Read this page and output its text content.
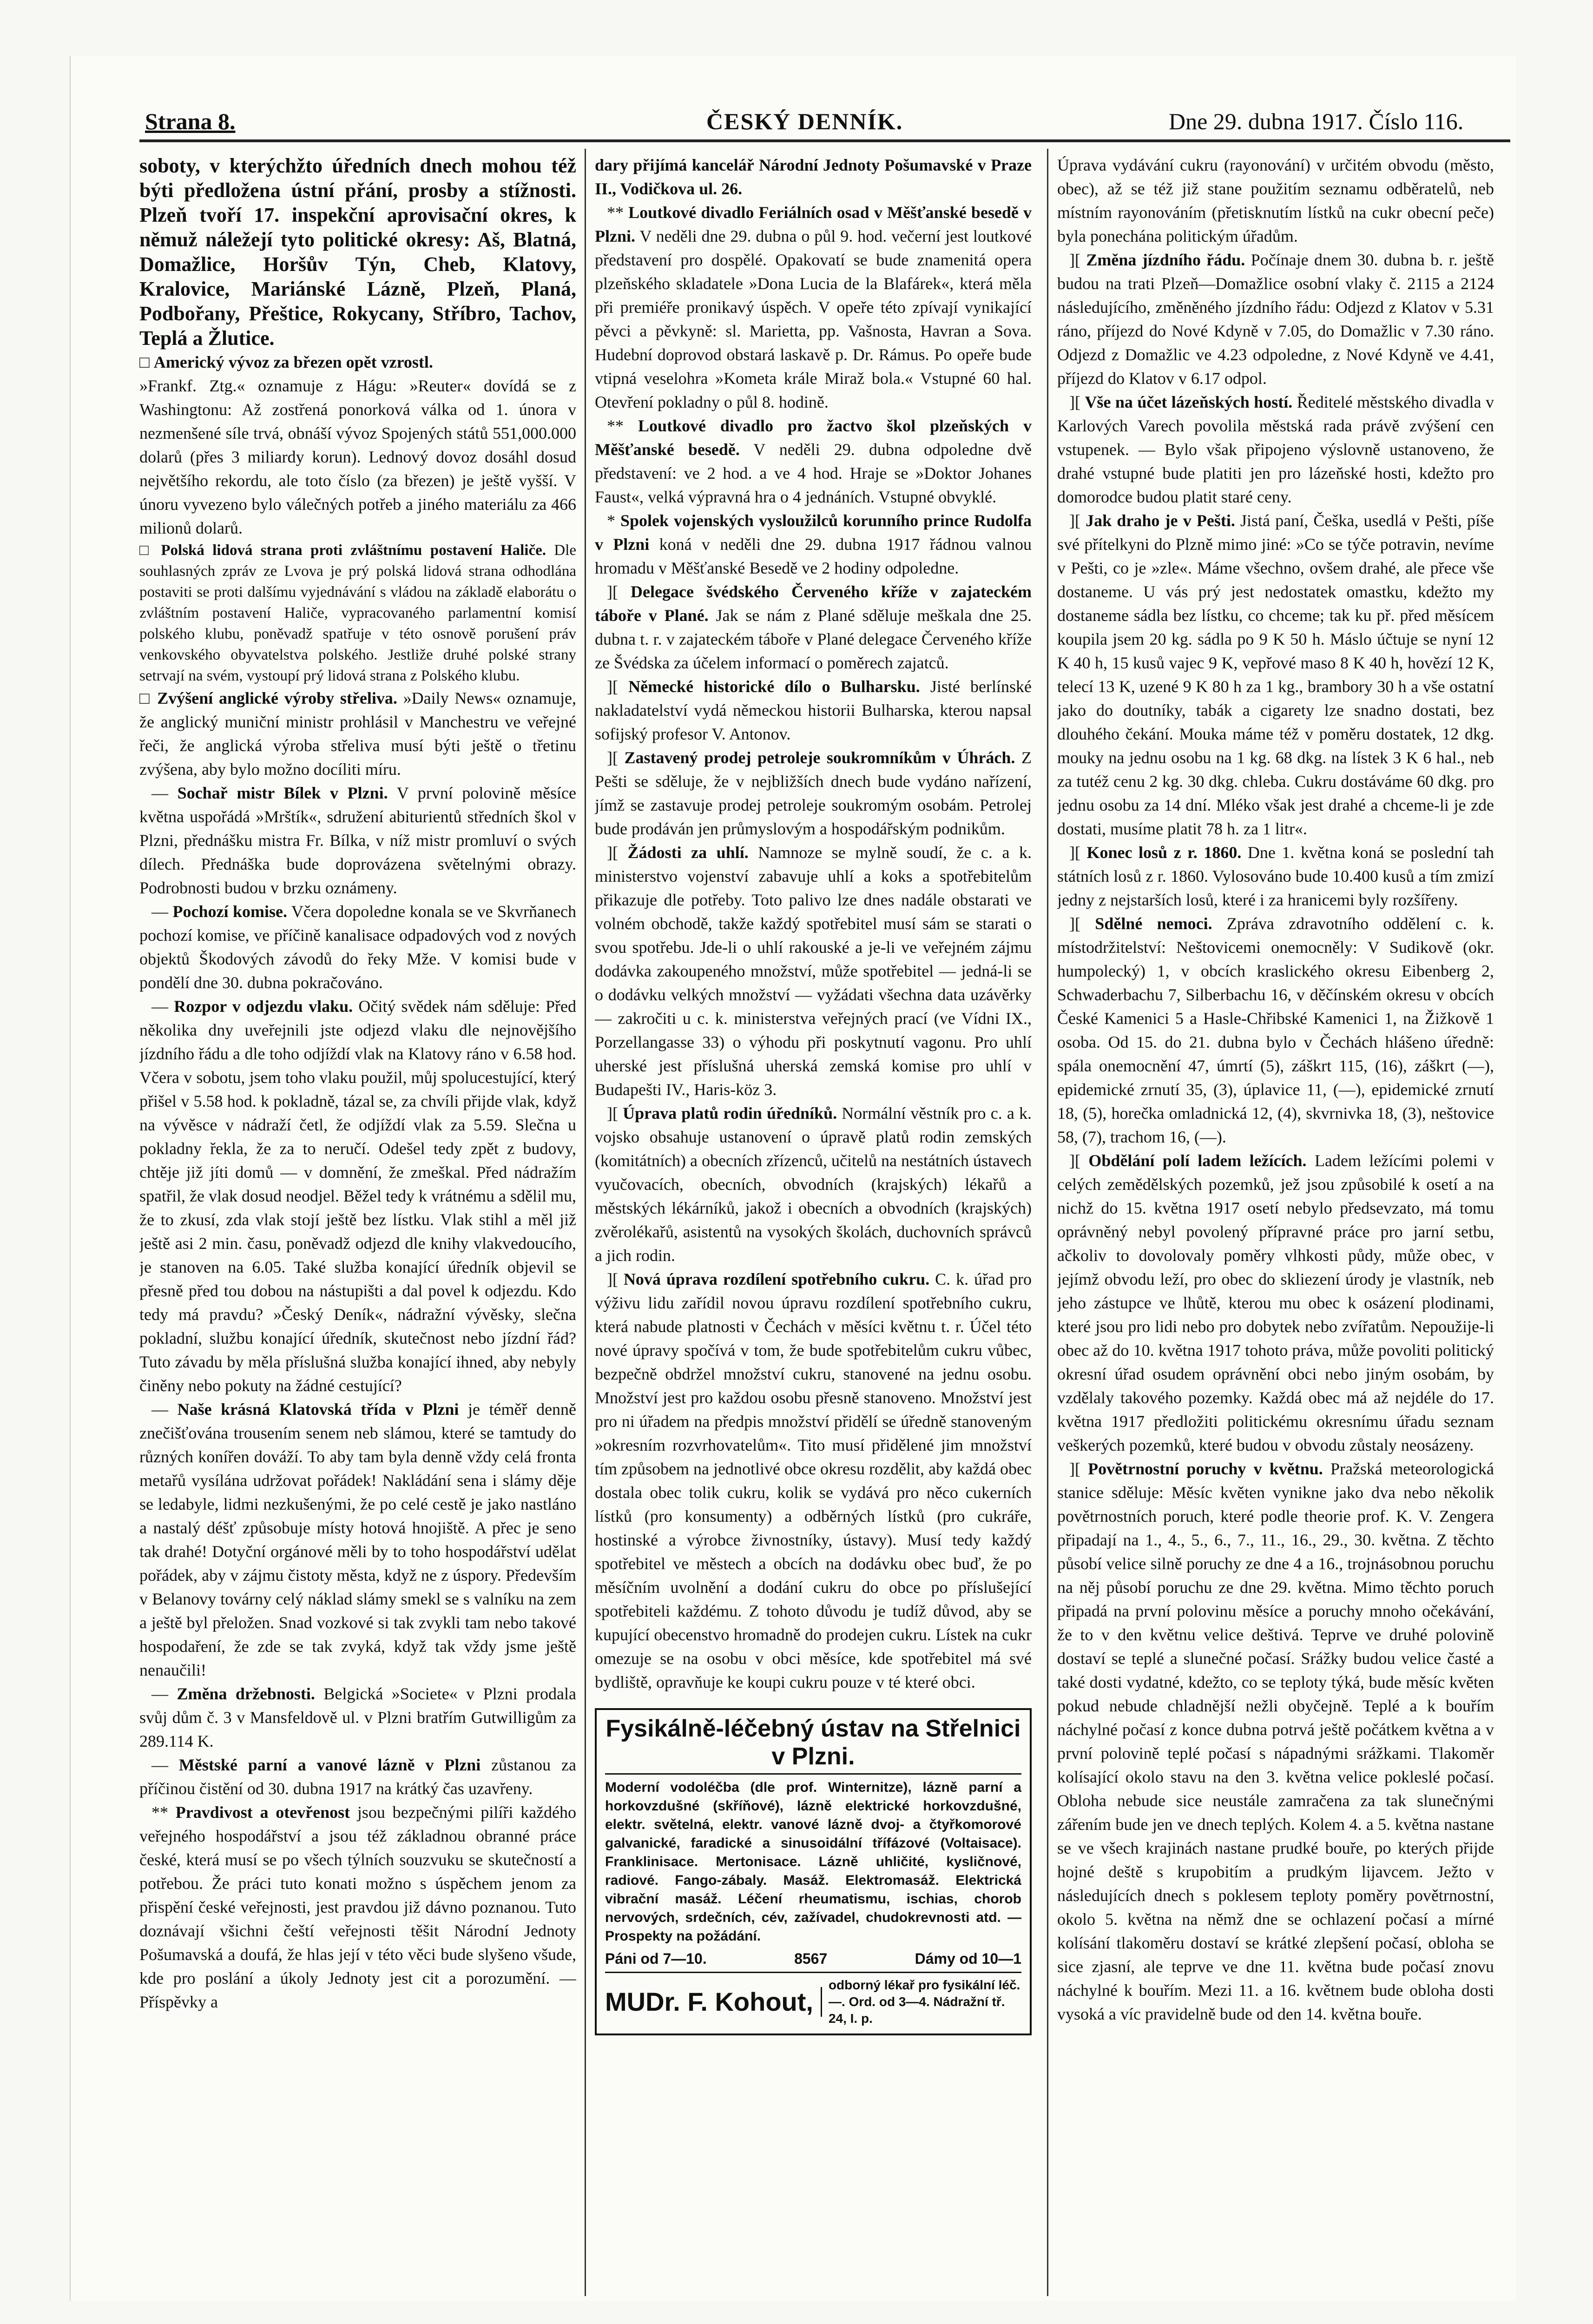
Strana 8.	ČESKÝ DENNÍK.	Dne 29. dubna 1917. Číslo 116.

soboty, v kterýchžto úředních dnech mohou též býti předložena ústní přání, prosby a stížnosti. Plzeň tvoří 17. inspekční aprovisační okres, k němuž náležejí tyto politické okresy: Aš, Blatná, Domažlice, Horšův Týn, Cheb, Klatovy, Kralovice, Mariánské Lázně, Plzeň, Planá, Podbořany, Přeštice, Rokycany, Stříbro, Tachov, Teplá a Žlutice.

□ Americký vývoz za březen opět vzrostl.

»Frankf. Ztg.« oznamuje z Hágu: »Reuter« dovídá se z Washingtonu: Až zostřená ponorková válka od 1. února v nezmenšené síle trvá, obnáší vývoz Spojených států 551,000.000 dolarů (přes 3 miliardy korun). Lednový dovoz dosáhl dosud největšího rekordu, ale toto číslo (za březen) je ještě vyšší. V únoru vyvezeno bylo válečných potřeb a jiného materiálu za 466 milionů dolarů.

□ Polská lidová strana proti zvláštnímu postavení Haliče. Dle souhlasných zpráv ze Lvova je prý polská lidová strana odhodlána postaviti se proti dalšímu vyjednávání s vládou na základě elaborátu o zvláštním postavení Haliče, vypracovaného parlamentní komisí polského klubu, poněvadž spatřuje v této osnově porušení práv venkovského obyvatelstva polského. Jestliže druhé polské strany setrvají na svém, vystoupí prý lidová strana z Polského klubu.

□ Zvýšení anglické výroby střeliva. »Daily News« oznamuje, že anglický muniční ministr prohlásil v Manchestru ve veřejné řeči, že anglická výroba střeliva musí býti ještě o třetinu zvýšena, aby bylo možno docíliti míru.

— Sochař mistr Bílek v Plzni. V první polovině měsíce května uspořádá »Mrštík«, sdružení abiturientů středních škol v Plzni, přednášku mistra Fr. Bílka, v níž mistr promluví o svých dílech. Přednáška bude doprovázena světelnými obrazy. Podrobnosti budou v brzku oznámeny.

— Pochozí komise. Včera dopoledne konala se ve Skvrňanech pochozí komise, ve příčině kanalisace odpadových vod z nových objektů Škodových závodů do řeky Mže. V komisi bude v pondělí dne 30. dubna pokračováno.

— Rozpor v odjezdu vlaku. Očitý svědek nám sděluje: Před několika dny uveřejnili jste odjezd vlaku dle nejnovějšího jízdního řádu a dle toho odjíždí vlak na Klatovy ráno v 6.58 hod. Včera v sobotu, jsem toho vlaku použil, můj spolucestující, který přišel v 5.58 hod. k pokladně, tázal se, za chvíli přijde vlak, když na vývěsce v nádraží četl, že odjíždí vlak za 5.59. Slečna u pokladny řekla, že za to neručí. Odešel tedy zpět z budovy, chtěje již jíti domů — v domnění, že zmeškal. Před nádražím spatřil, že vlak dosud neodjel. Běžel tedy k vrátnému a sdělil mu, že to zkusí, zda vlak stojí ještě bez lístku. Vlak stihl a měl již ještě asi 2 min. času, poněvadž odjezd dle knihy vlakvedoucího, je stanoven na 6.05. Také služba konající úředník objevil se přesně před tou dobou na nástupišti a dal povel k odjezdu. Kdo tedy má pravdu? »Český Deník«, nádražní vývěsky, slečna pokladní, službu konající úředník, skutečnost nebo jízdní řád? Tuto závadu by měla příslušná služba konající ihned, aby nebyly činěny nebo pokuty na žádné cestující?

— Naše krásná Klatovská třída v Plzni je téměř denně znečišťována trousením senem neb slámou, které se tamtudy do různých konířen dováží. To aby tam byla denně vždy celá fronta metařů vysílána udržovat pořádek! Nakládání sena i slámy děje se ledabyle, lidmi nezkušenými, že po celé cestě je jako nastláno a nastalý déšť způsobuje místy hotová hnojiště. A přec je seno tak drahé! Dotyční orgánové měli by to toho hospodářství udělat pořádek, aby v zájmu čistoty města, když ne z úspory. Především v Belanovy továrny celý náklad slámy smekl se s valníku na zem a ještě byl přeložen. Snad vozkové si tak zvykli tam nebo takové hospodaření, že zde se tak zvyká, když tak vždy jsme ještě nenaučili!

— Změna držebnosti. Belgická »Societe« v Plzni prodala svůj dům č. 3 v Mansfeldově ul. v Plzni bratřím Gutwilligům za 289.114 K.

— Městské parní a vanové lázně v Plzni zůstanou za příčinou čistění od 30. dubna 1917 na krátký čas uzavřeny.

** Pravdivost a otevřenost jsou bezpečnými pilíři každého veřejného hospodářství a jsou též základnou obranné práce české, která musí se po všech týlních souzvuku se skutečností a potřebou. Že práci tuto konati možno s úspěchem jenom za přispění české veřejnosti, jest pravdou již dávno poznanou. Tuto doznávají všichni čeští veřejnosti těšit Národní Jednoty Pošumavská a doufá, že hlas její v této věci bude slyšeno všude, kde pro poslání a úkoly Jednoty jest cit a porozumění. — Příspěvky a

dary přijímá kancelář Národní Jednoty Pošumavské v Praze II., Vodičkova ul. 26.

** Loutkové divadlo Feriálních osad v Měšťanské besedě v Plzni. V neděli dne 29. dubna o půl 9. hod. večerní jest loutkové představení pro dospělé. Opakovatí se bude znamenitá opera plzeňského skladatele »Dona Lucia de la Blafárek«, která měla při premiéře pronikavý úspěch. V opeře této zpívají vynikající pěvci a pěvkyně: sl. Marietta, pp. Vašnosta, Havran a Sova. Hudební doprovod obstará laskavě p. Dr. Rámus. Po opeře bude vtipná veselohra »Kometa krále Miraž bola.« Vstupné 60 hal. Otevření pokladny o půl 8. hodině.

** Loutkové divadlo pro žactvo škol plzeňských v Měšťanské besedě. V neděli 29. dubna odpoledne dvě představení: ve 2 hod. a ve 4 hod. Hraje se »Doktor Johanes Faust«, velká výpravná hra o 4 jednáních. Vstupné obvyklé.

* Spolek vojenských vysloužilců korunního prince Rudolfa v Plzni koná v neděli dne 29. dubna 1917 řádnou valnou hromadu v Měšťanské Besedě ve 2 hodiny odpoledne.

][ Delegace švédského Červeného kříže v zajateckém táboře v Plané. Jak se nám z Plané sděluje meškala dne 25. dubna t. r. v zajateckém táboře v Plané delegace Červeného kříže ze Švédska za účelem informací o poměrech zajatců.

][ Německé historické dílo o Bulharsku. Jisté berlínské nakladatelství vydá německou historii Bulharska, kterou napsal sofijský profesor V. Antonov.

][ Zastavený prodej petroleje soukromníkům v Úhrách. Z Pešti se sděluje, že v nejbližších dnech bude vydáno nařízení, jímž se zastavuje prodej petroleje soukromým osobám. Petrolej bude prodáván jen průmyslovým a hospodářským podnikům.

][ Žádosti za uhlí. Namnoze se mylně soudí, že c. a k. ministerstvo vojenství zabavuje uhlí a koks a spotřebitelům přikazuje dle potřeby. Toto palivo lze dnes nadále obstarati ve volném obchodě, takže každý spotřebitel musí sám se starati o svou spotřebu. Jde-li o uhlí rakouské a je-li ve veřejném zájmu dodávka zakoupeného množství, může spotřebitel — jedná-li se o dodávku velkých množství — vyžádati všechna data uzávěrky — zakročiti u c. k. ministerstva veřejných prací (ve Vídni IX., Porzellangasse 33) o výhodu při poskytnutí vagonu. Pro uhlí uherské jest příslušná uherská zemská komise pro uhlí v Budapešti IV., Haris-köz 3.

][ Úprava platů rodin úředníků. Normální věstník pro c. a k. vojsko obsahuje ustanovení o úpravě platů rodin zemských (komitátních) a obecních zřízenců, učitelů na nestátních ústavech vyučovacích, obecních, obvodních (krajských) lékařů a městských lékárníků, jakož i obecních a obvodních (krajských) zvěrolékařů, asistentů na vysokých školách, duchovních správců a jich rodin.

][ Nová úprava rozdílení spotřebního cukru. C. k. úřad pro výživu lidu zařídil novou úpravu rozdílení spotřebního cukru, která nabude platnosti v Čechách v měsíci květnu t. r. Účel této nové úpravy spočívá v tom, že bude spotřebitelům cukru vůbec, bezpečně obdržel množství cukru, stanovené na jednu osobu. Množství jest pro každou osobu přesně stanoveno. Množství jest pro ni úřadem na předpis množství přidělí se úředně stanoveným »okresním rozvrhovatelům«. Tito musí přidělené jim množství tím způsobem na jednotlivé obce okresu rozdělit, aby každá obec dostala obec tolik cukru, kolik se vydává pro něco cukerních lístků (pro konsumenty) a odběrných lístků (pro cukráře, hostinské a výrobce živnostníky, ústavy). Musí tedy každý spotřebitel ve městech a obcích na dodávku obec buď, že po měsíčním uvolnění a dodání cukru do obce po příslušející spotřebiteli každému. Z tohoto důvodu je tudíž důvod, aby se kupující obecenstvo hromadně do prodejen cukru. Lístek na cukr omezuje se na osobu v obci měsíce, kde spotřebitel má své bydliště, opravňuje ke koupi cukru pouze v té které obci.

Fysikálně-léčebný ústav na Střelnici v Plzni.
Moderní vodoléčba (dle prof. Winternitze), lázně parní a horkovzdušné (skříňové), lázně elektrické horkovzdušné, elektr. světelná, elektr. vanové lázně dvoj- a čtyřkomorové galvanické, faradické a sinusoidální třífázové (Voltaisace). Franklinisace. Mertonisace. Lázně uhličité, kysličnové, radiové. Fango-zábaly. Masáž. Elektromasáž. Elektrická vibrační masáž. Léčení rheumatismu, ischias, chorob nervových, srdečních, cév, zažívadel, chudokrevnosti atd. — Prospekty na požádání.
Páni od 7—10.	8567	Dámy od 10—1
MUDr. F. Kohout,
odborný lékař pro fysikální léč. —. Ord. od 3—4. Nádražní tř. 24, I. p.

Úprava vydávání cukru (rayonování) v určitém obvodu (město, obec), až se též již stane použitím seznamu odběratelů, neb místním rayonováním (přetisknutím lístků na cukr obecní peče) byla ponechána politickým úřadům.

][ Změna jízdního řádu. Počínaje dnem 30. dubna b. r. ještě budou na trati Plzeň—Domažlice osobní vlaky č. 2115 a 2124 následujícího, změněného jízdního řádu: Odjezd z Klatov v 5.31 ráno, příjezd do Nové Kdyně v 7.05, do Domažlic v 7.30 ráno. Odjezd z Domažlic ve 4.23 odpoledne, z Nové Kdyně ve 4.41, příjezd do Klatov v 6.17 odpol.

][ Vše na účet lázeňských hostí. Ředitelé městského divadla v Karlových Varech povolila městská rada právě zvýšení cen vstupenek. — Bylo však připojeno výslovně ustanoveno, že drahé vstupné bude platiti jen pro lázeňské hosti, kdežto pro domorodce budou platit staré ceny.

][ Jak draho je v Pešti. Jistá paní, Češka, usedlá v Pešti, píše své přítelkyni do Plzně mimo jiné: »Co se týče potravin, nevíme v Pešti, co je »zle«. Máme všechno, ovšem drahé, ale přece vše dostaneme. U vás prý jest nedostatek omastku, kdežto my dostaneme sádla bez lístku, co chceme; tak ku př. před měsícem koupila jsem 20 kg. sádla po 9 K 50 h. Máslo účtuje se nyní 12 K 40 h, 15 kusů vajec 9 K, vepřové maso 8 K 40 h, hovězí 12 K, telecí 13 K, uzené 9 K 80 h za 1 kg., brambory 30 h a vše ostatní jako do doutníky, tabák a cigarety lze snadno dostati, bez dlouhého čekání. Mouka máme též v poměru dostatek, 12 dkg. mouky na jednu osobu na 1 kg. 68 dkg. na lístek 3 K 6 hal., neb za tutéž cenu 2 kg. 30 dkg. chleba. Cukru dostáváme 60 dkg. pro jednu osobu za 14 dní. Mléko však jest drahé a chceme-li je zde dostati, musíme platit 78 h. za 1 litr«.

][ Konec losů z r. 1860. Dne 1. května koná se poslední tah státních losů z r. 1860. Vylosováno bude 10.400 kusů a tím zmizí jedny z nejstarších losů, které i za hranicemi byly rozšířeny.

][ Sdělné nemoci. Zpráva zdravotního oddělení c. k. místodržitelství: Neštovicemi onemocněly: V Sudikově (okr. humpolecký) 1, v obcích kraslického okresu Eibenberg 2, Schwaderbachu 7, Silberbachu 16, v děčínském okresu v obcích České Kamenici 5 a Hasle-Chřibské Kamenici 1, na Žižkově 1 osoba. Od 15. do 21. dubna bylo v Čechách hlášeno úředně: spála onemocnění 47, úmrtí (5), záškrt 115, (16), záškrt (—), epidemické zrnutí 35, (3), úplavice 11, (—), epidemické zrnutí 18, (5), horečka omladnická 12, (4), skvrnivka 18, (3), neštovice 58, (7), trachom 16, (—).

][ Obdělání polí ladem ležících. Ladem ležícími polemi v celých zemědělských pozemků, jež jsou způsobilé k osetí a na nichž do 15. května 1917 osetí nebylo předsevzato, má tomu oprávněný nebyl povolený přípravné práce pro jarní setbu, ačkoliv to dovolovaly poměry vlhkosti půdy, může obec, v jejímž obvodu leží, pro obec do skliezení úrody je vlastník, neb jeho zástupce ve lhůtě, kterou mu obec k osázení plodinami, které jsou pro lidi nebo pro dobytek nebo zvířatům. Nepoužije-li obec až do 10. května 1917 tohoto práva, může povoliti politický okresní úřad osudem oprávnění obci nebo jiným osobám, by vzdělaly takového pozemky. Každá obec má až nejdéle do 17. května 1917 předložiti politickému okresnímu úřadu seznam veškerých pozemků, které budou v obvodu zůstaly neosázeny.

][ Povětrnostní poruchy v květnu. Pražská meteorologická stanice sděluje: Měsíc květen vynikne jako dva nebo několik povětrnostních poruch, které podle theorie prof. K. V. Zengera připadají na 1., 4., 5., 6., 7., 11., 16., 29., 30. května. Z těchto působí velice silně poruchy ze dne 4 a 16., trojnásobnou poruchu na něj působí poruchu ze dne 29. května. Mimo těchto poruch připadá na první polovinu měsíce a poruchy mnoho očekávání, že to v den květnu velice deštivá. Teprve ve druhé polovině dostaví se teplé a slunečné počasí. Srážky budou velice časté a také dosti vydatné, kdežto, co se teploty týká, bude měsíc květen pokud nebude chladnější nežli obyčejně. Teplé a k bouřím náchylné počasí z konce dubna potrvá ještě počátkem května a v první polovině teplé počasí s nápadnými srážkami. Tlakoměr kolísající okolo stavu na den 3. května velice pokleslé počasí. Obloha nebude sice neustále zamračena za tak slunečnými zářením bude jen ve dnech teplých. Kolem 4. a 5. května nastane se ve všech krajinách nastane prudké bouře, po kterých přijde hojné deště s krupobitím a prudkým lijavcem. Ježto v následujících dnech s poklesem teploty poměry povětrnostní, okolo 5. května na němž dne se ochlazení počasí a mírné kolísání tlakoměru dostaví se krátké zlepšení počasí, obloha se sice zjasní, ale teprve ve dne 11. května bude počasí znovu náchylné k bouřím. Mezi 11. a 16. květnem bude obloha dosti vysoká a víc pravidelně bude od den 14. května bouře.
